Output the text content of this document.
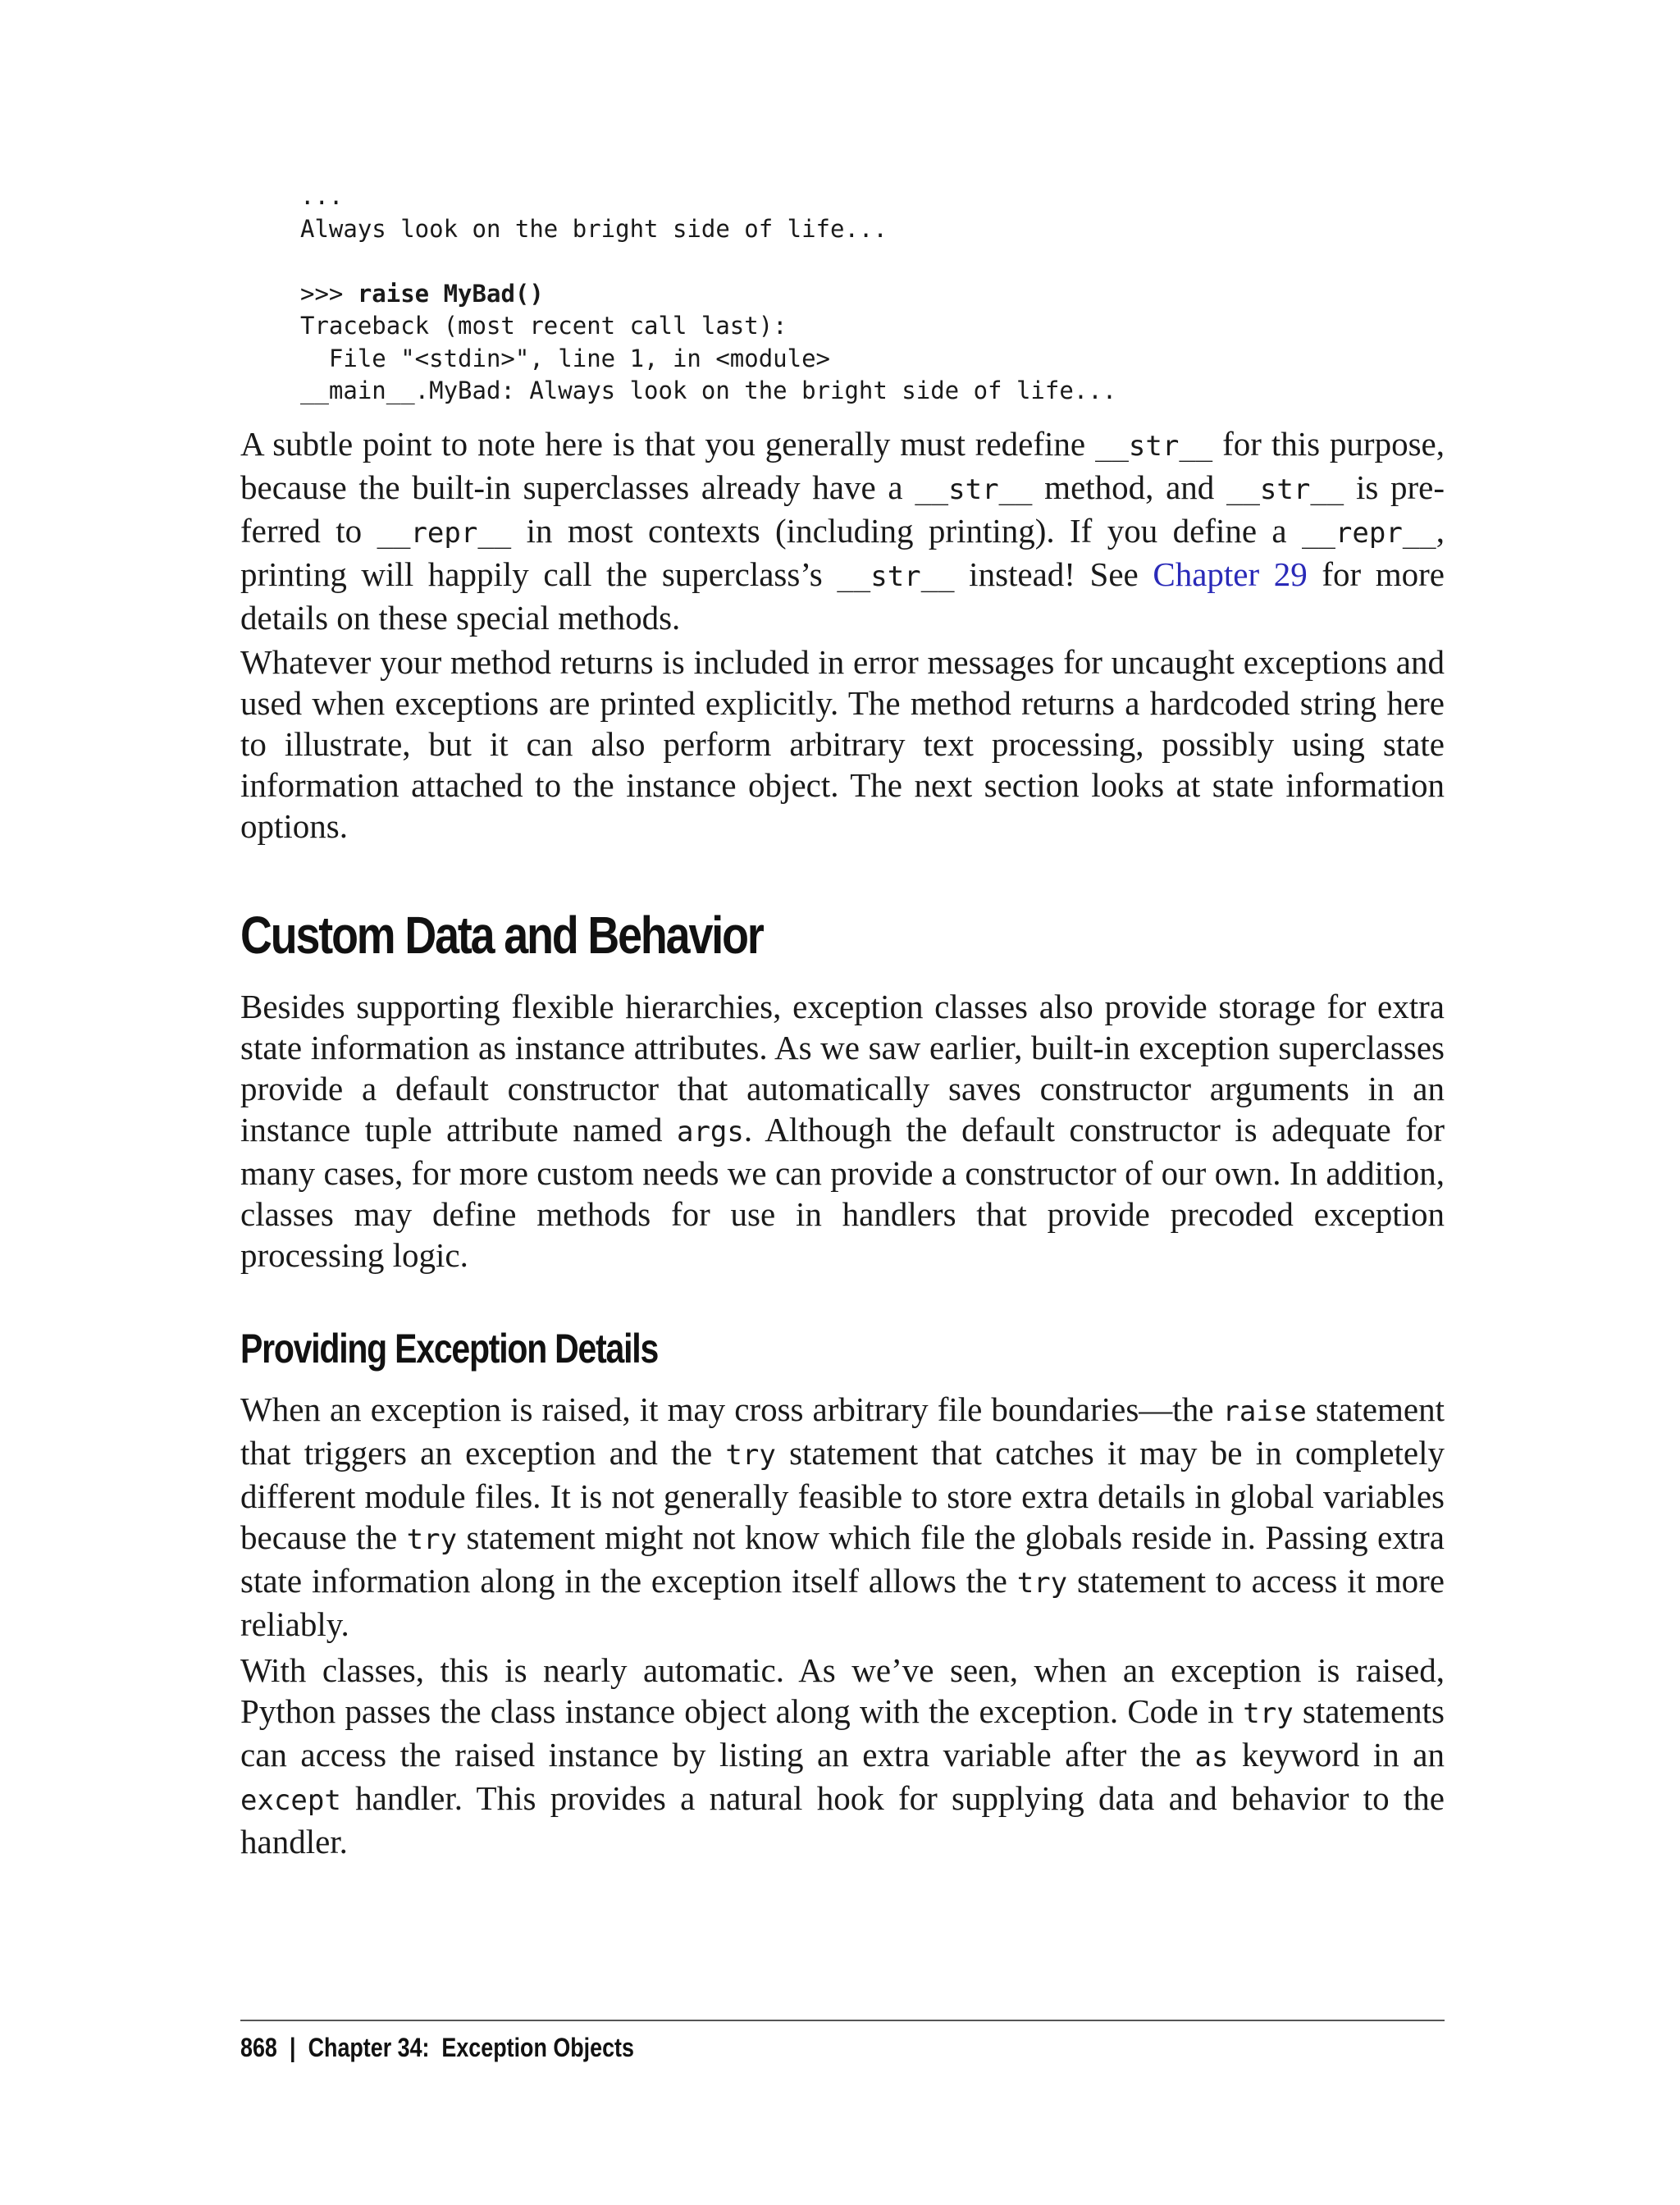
...
Always look on the bright side of life...
>>> raise MyBad()
Traceback (most recent call last):
File "<stdin>", line 1, in <module>
__main__.MyBad: Always look on the bright side of life...

A subtle point to note here is that you generally must redefine __str__ for this purpose, because the built-in superclasses already have a __str__ method, and __str__ is preferred to __repr__ in most contexts (including printing). If you define a __repr__, printing will happily call the superclass’s __str__ instead! See Chapter 29 for more details on these special methods.

Whatever your method returns is included in error messages for uncaught exceptions and used when exceptions are printed explicitly. The method returns a hardcoded string here to illustrate, but it can also perform arbitrary text processing, possibly using state information attached to the instance object. The next section looks at state information options.

Custom Data and Behavior

Besides supporting flexible hierarchies, exception classes also provide storage for extra state information as instance attributes. As we saw earlier, built-in exception superclasses provide a default constructor that automatically saves constructor arguments in an instance tuple attribute named args. Although the default constructor is adequate for many cases, for more custom needs we can provide a constructor of our own. In addition, classes may define methods for use in handlers that provide precoded exception processing logic.

Providing Exception Details

When an exception is raised, it may cross arbitrary file boundaries—the raise statement that triggers an exception and the try statement that catches it may be in completely different module files. It is not generally feasible to store extra details in global variables because the try statement might not know which file the globals reside in. Passing extra state information along in the exception itself allows the try statement to access it more reliably.

With classes, this is nearly automatic. As we’ve seen, when an exception is raised, Python passes the class instance object along with the exception. Code in try statements can access the raised instance by listing an extra variable after the as keyword in an except handler. This provides a natural hook for supplying data and behavior to the handler.

868 | Chapter 34:  Exception Objects
